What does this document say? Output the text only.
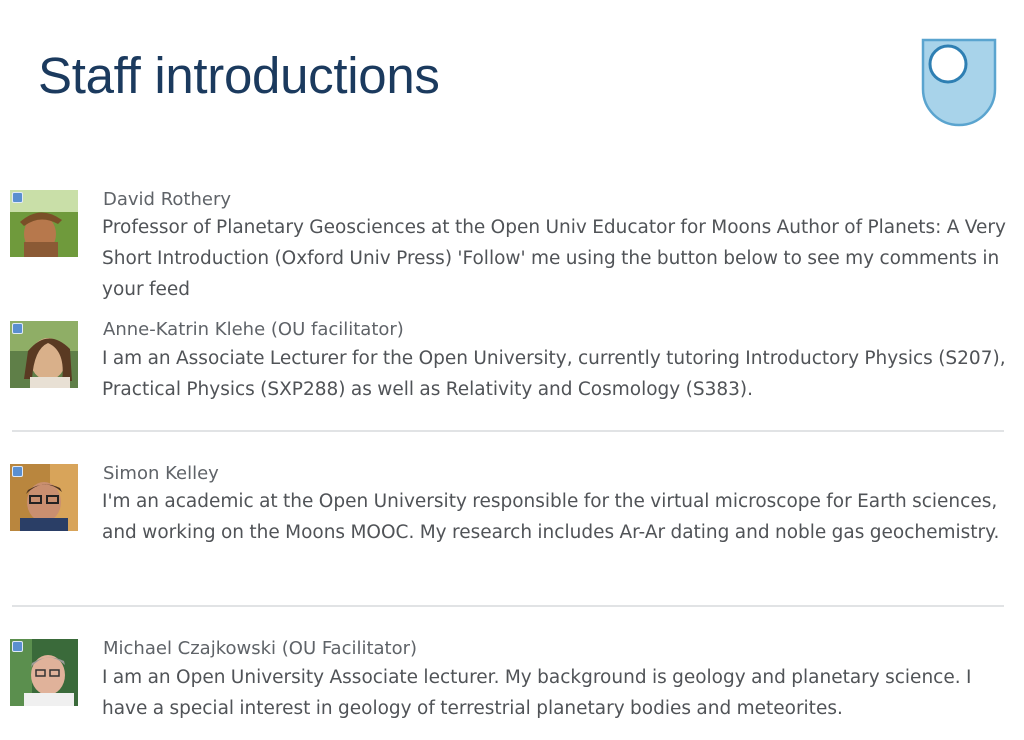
Staff introductions
David Rothery
Professor of Planetary Geosciences at the Open Univ Educator for Moons Author of Planets: A Very Short Introduction (Oxford Univ Press) 'Follow' me using the button below to see my comments in your feed
Anne-Katrin Klehe (OU facilitator)
I am an Associate Lecturer for the Open University, currently tutoring Introductory Physics (S207), Practical Physics (SXP288) as well as Relativity and Cosmology (S383).
Simon Kelley
I'm an academic at the Open University responsible for the virtual microscope for Earth sciences, and working on the Moons MOOC. My research includes Ar-Ar dating and noble gas geochemistry.
Michael Czajkowski (OU Facilitator)
I am an Open University Associate lecturer. My background is geology and planetary science. I have a special interest in geology of terrestrial planetary bodies and meteorites.
